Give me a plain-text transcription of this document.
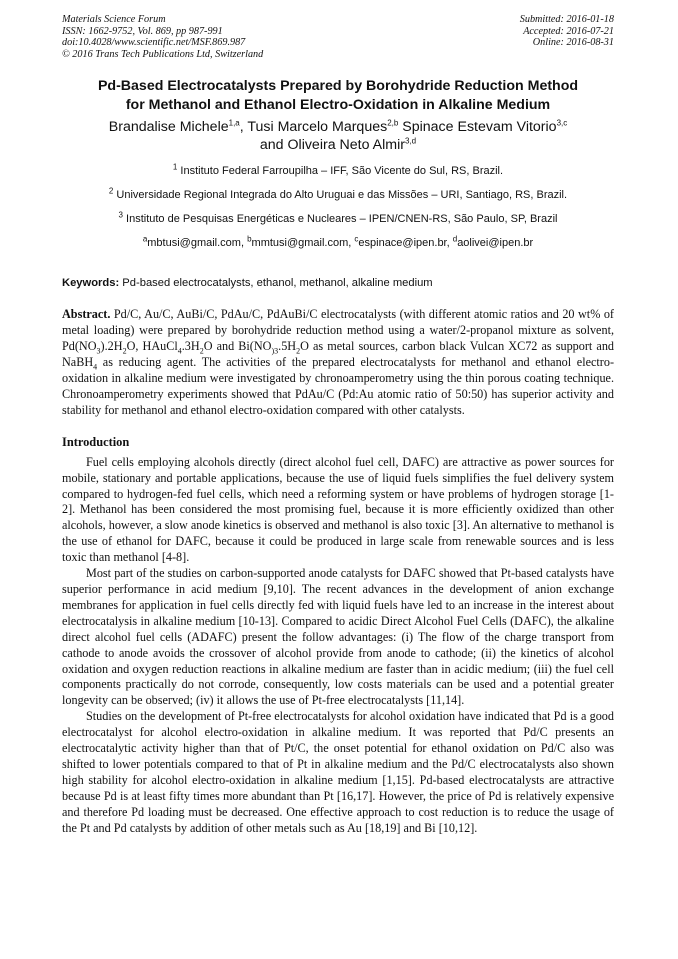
Materials Science Forum
ISSN: 1662-9752, Vol. 869, pp 987-991
doi:10.4028/www.scientific.net/MSF.869.987
© 2016 Trans Tech Publications Ltd, Switzerland
Submitted: 2016-01-18
Accepted: 2016-07-21
Online: 2016-08-31
Pd-Based Electrocatalysts Prepared by Borohydride Reduction Method
for Methanol and Ethanol Electro-Oxidation in Alkaline Medium
Brandalise Michele$^{1,a}$, Tusi Marcelo Marques$^{2,b}$ Spinace Estevam Vitorio$^{3,c}$
and Oliveira Neto Almir$^{3,d}$
$^1$ Instituto Federal Farroupilha – IFF, São Vicente do Sul, RS, Brazil.
$^2$ Universidade Regional Integrada do Alto Uruguai e das Missões – URI, Santiago, RS, Brazil.
$^3$ Instituto de Pesquisas Energéticas e Nucleares – IPEN/CNEN-RS, São Paulo, SP, Brazil
$^a$mbtusi@gmail.com, $^b$mmtusi@gmail.com, $^c$espinace@ipen.br, $^d$aolivei@ipen.br
Keywords: Pd-based electrocatalysts, ethanol, methanol, alkaline medium

Abstract. Pd/C, Au/C, AuBi/C, PdAu/C, PdAuBi/C electrocatalysts (with different atomic ratios and 20 wt% of metal loading) were prepared by borohydride reduction method using a water/2-propanol mixture as solvent, $Pd(NO_3).2H_2O$, $HAuCl_4.3H_2O$ and $Bi(NO_{)3}.5H_2O$ as metal sources, carbon black Vulcan XC72 as support and NaBH$_4$ as reducing agent. The activities of the prepared electrocatalysts for methanol and ethanol electro-oxidation in alkaline medium were investigated by chronoamperometry using the thin porous coating technique. Chronoamperometry experiments showed that PdAu/C (Pd:Au atomic ratio of 50:50) has superior activity and stability for methanol and ethanol electro-oxidation compared with other catalysts.

Introduction

Fuel cells employing alcohols directly (direct alcohol fuel cell, DAFC) are attractive as power sources for mobile, stationary and portable applications, because the use of liquid fuels simplifies the fuel delivery system compared to hydrogen-fed fuel cells, which need a reforming system or have problems of hydrogen storage [1-2]. Methanol has been considered the most promising fuel, because it is more efficiently oxidized than other alcohols, however, a slow anode kinetics is observed and methanol is also toxic [3]. An alternative to methanol is the use of ethanol for DAFC, because it could be produced in large scale from renewable sources and is less toxic than methanol [4-8].

Most part of the studies on carbon-supported anode catalysts for DAFC showed that Pt-based catalysts have superior performance in acid medium [9,10]. The recent advances in the development of anion exchange membranes for application in fuel cells directly fed with liquid fuels have led to an increase in the interest about electrocatalysis in alkaline medium [10-13]. Compared to acidic Direct Alcohol Fuel Cells (DAFC), the alkaline direct alcohol fuel cells (ADAFC) present the follow advantages: (i) The flow of the charge transport from cathode to anode avoids the crossover of alcohol provide from anode to cathode; (ii) the kinetics of alcohol oxidation and oxygen reduction reactions in alkaline medium are faster than in acidic medium; (iii) the fuel cell components practically do not corrode, consequently, low costs materials can be used and a potential greater longevity can be observed; (iv) it allows the use of Pt-free electrocatalysts [11,14].

Studies on the development of Pt-free electrocatalysts for alcohol oxidation have indicated that Pd is a good electrocatalyst for alcohol electro-oxidation in alkaline medium. It was reported that Pd/C presents an electrocatalytic activity higher than that of Pt/C, the onset potential for ethanol oxidation on Pd/C also was shifted to lower potentials compared to that of Pt in alkaline medium and the Pd/C electrocatalysts also shown high stability for alcohol electro-oxidation in alkaline medium [1,15]. Pd-based electrocatalysts are attractive because Pd is at least fifty times more abundant than Pt [16,17]. However, the price of Pd is relatively expensive and therefore Pd loading must be decreased. One effective approach to cost reduction is to reduce the usage of the Pt and Pd catalysts by addition of other metals such as Au [18,19] and Bi [10,12].
